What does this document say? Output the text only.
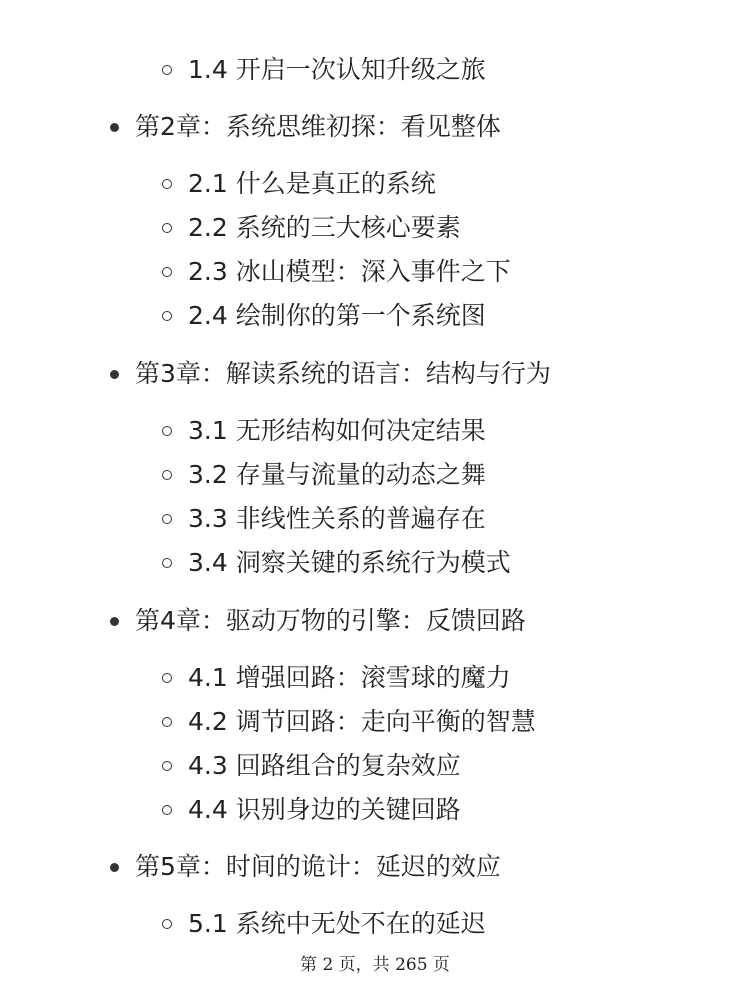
1.4 开启一次认知升级之旅
第2章：系统思维初探：看见整体
2.1 什么是真正的系统
2.2 系统的三大核心要素
2.3 冰山模型：深入事件之下
2.4 绘制你的第一个系统图
第3章：解读系统的语言：结构与行为
3.1 无形结构如何决定结果
3.2 存量与流量的动态之舞
3.3 非线性关系的普遍存在
3.4 洞察关键的系统行为模式
第4章：驱动万物的引擎：反馈回路
4.1 增强回路：滚雪球的魔力
4.2 调节回路：走向平衡的智慧
4.3 回路组合的复杂效应
4.4 识别身边的关键回路
第5章：时间的诡计：延迟的效应
5.1 系统中无处不在的延迟
第 2 页，共 265 页
